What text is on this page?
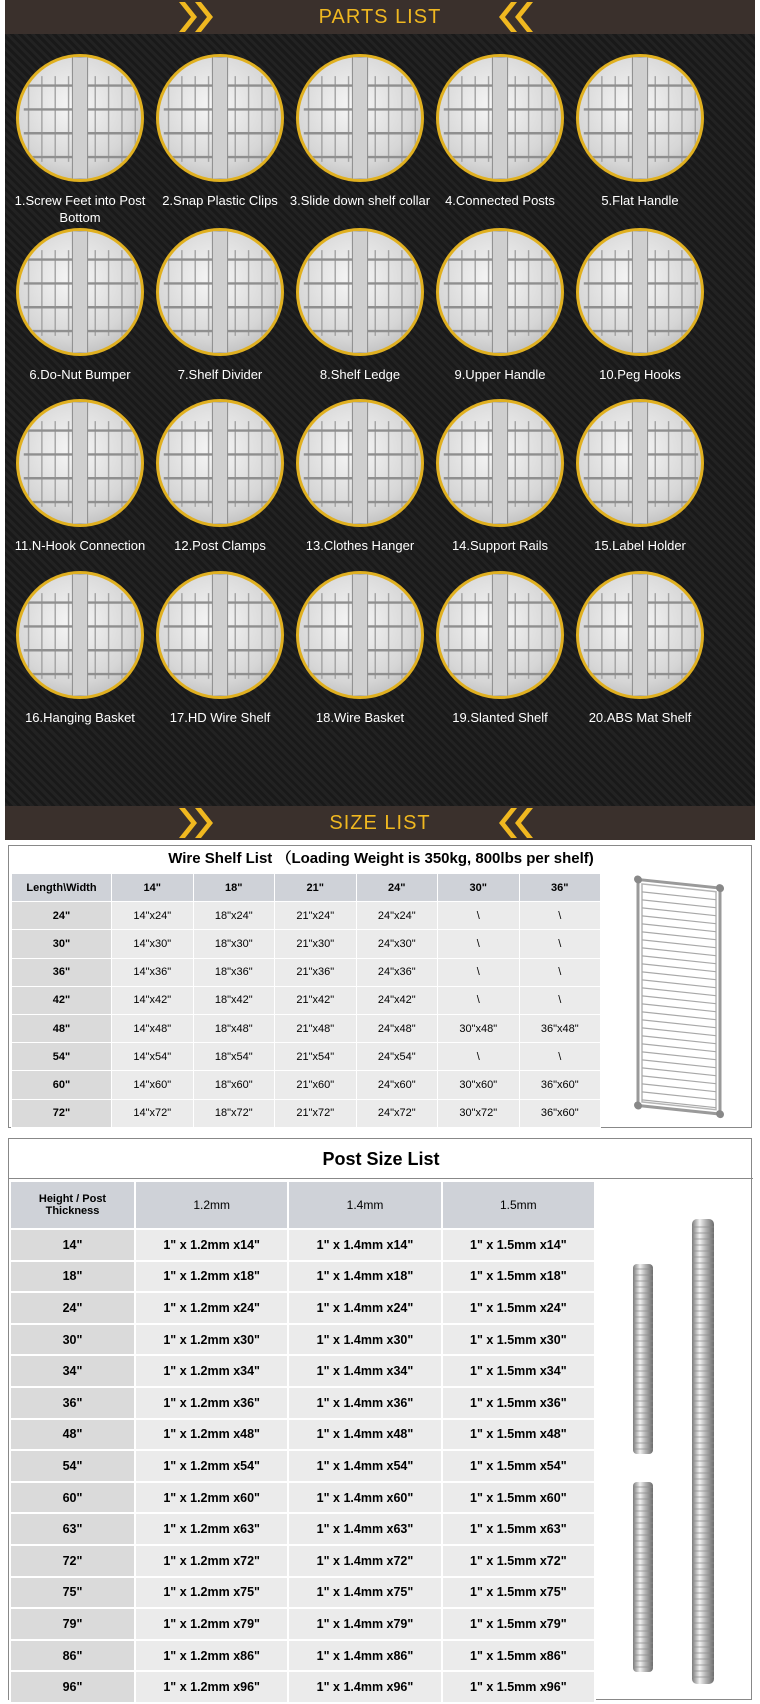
PARTS LIST
1.Screw Feet into Post Bottom
2.Snap Plastic Clips 3.Slide down shelf collar	4.Connected Posts	5.Flat Handle
6.Do-Nut Bumper	7.Shelf Divider	8.Shelf Ledge	9.Upper Handle	10.Peg Hooks
11.N-Hook Connection	12.Post Clamps	13.Clothes Hanger	14.Support Rails	15.Label Holder
16.Hanging Basket	17.HD Wire Shelf	18.Wire Basket	19.Slanted Shelf	20.ABS Mat Shelf
SIZE LIST
Wire Shelf List （Loading Weight is 350kg, 800lbs per shelf)
Length\Width	14"	18"	21"	24"	30"	36"
24"	14"x24"	18"x24"	21"x24"	24"x24"	\	\
30"	14"x30"	18"x30"	21"x30"	24"x30"	\	\
36"	14"x36"	18"x36"	21"x36"	24"x36"	\	\
42"	14"x42"	18"x42"	21"x42"	24"x42"	\	\
48"	14"x48"	18"x48"	21"x48"	24"x48"	30"x48"	36"x48"
54"	14"x54"	18"x54"	21"x54"	24"x54"	\	\
60"	14"x60"	18"x60"	21"x60"	24"x60"	30"x60"	36"x60"
72"	14"x72"	18"x72"	21"x72"	24"x72"	30"x72"	36"x60"
Post Size List
Height / Post Thickness	1.2mm	1.4mm	1.5mm
14"	1" x 1.2mm x14"	1" x 1.4mm x14"	1" x 1.5mm x14"
18"	1" x 1.2mm x18"	1" x 1.4mm x18"	1" x 1.5mm x18"
24"	1" x 1.2mm x24"	1" x 1.4mm x24"	1" x 1.5mm x24"
30"	1" x 1.2mm x30"	1" x 1.4mm x30"	1" x 1.5mm x30"
34"	1" x 1.2mm x34"	1" x 1.4mm x34"	1" x 1.5mm x34"
36"	1" x 1.2mm x36"	1" x 1.4mm x36"	1" x 1.5mm x36"
48"	1" x 1.2mm x48"	1" x 1.4mm x48"	1" x 1.5mm x48"
54"	1" x 1.2mm x54"	1" x 1.4mm x54"	1" x 1.5mm x54"
60"	1" x 1.2mm x60"	1" x 1.4mm x60"	1" x 1.5mm x60"
63"	1" x 1.2mm x63"	1" x 1.4mm x63"	1" x 1.5mm x63"
72"	1" x 1.2mm x72"	1" x 1.4mm x72"	1" x 1.5mm x72"
75"	1" x 1.2mm x75"	1" x 1.4mm x75"	1" x 1.5mm x75"
79"	1" x 1.2mm x79"	1" x 1.4mm x79"	1" x 1.5mm x79"
86"	1" x 1.2mm x86"	1" x 1.4mm x86"	1" x 1.5mm x86"
96"	1" x 1.2mm x96"	1" x 1.4mm x96"	1" x 1.5mm x96"
